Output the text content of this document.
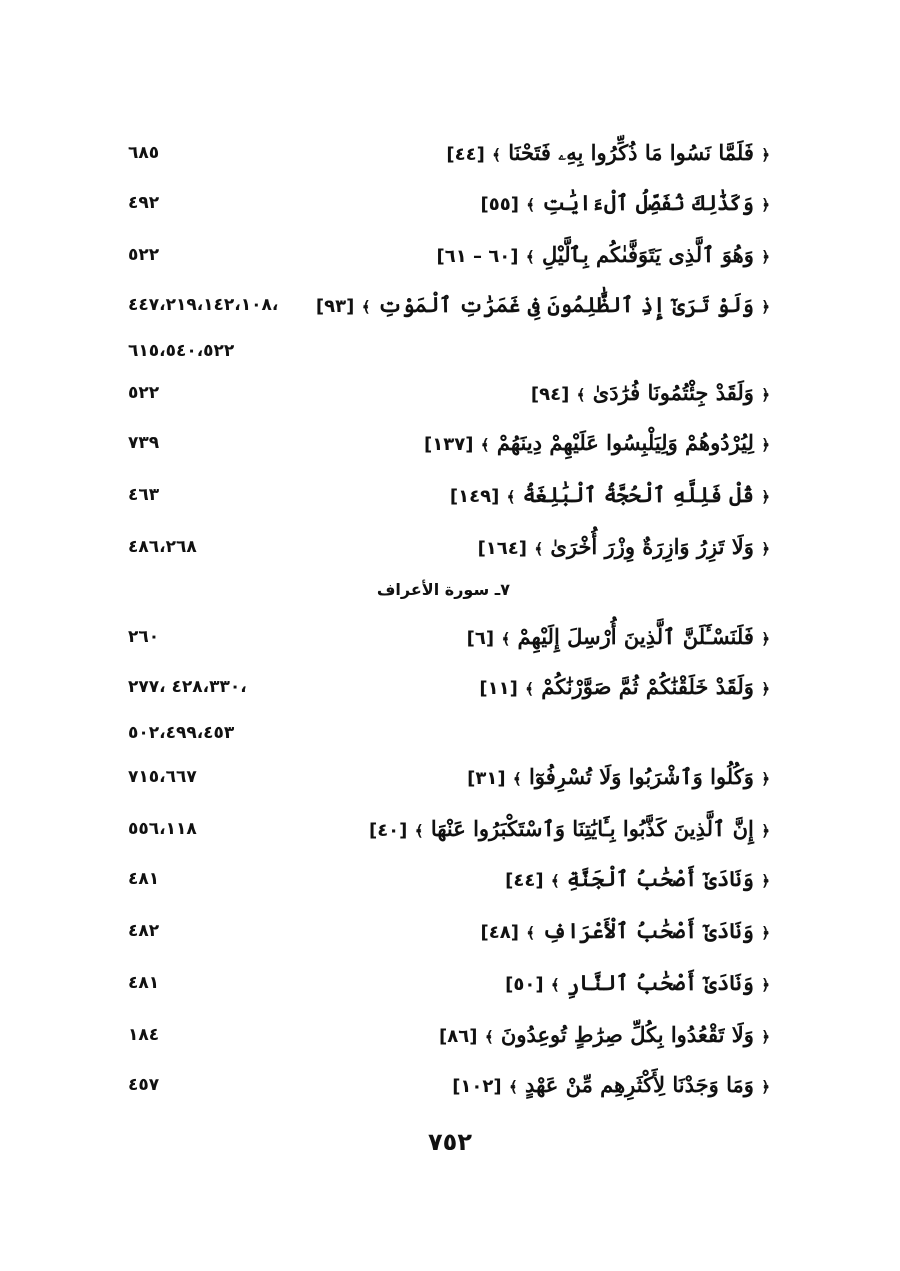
﴿ فَلَمَّا نَسُوا مَا ذُكِّرُوا بِهِۦ فَتَحْنَا ﴾ [٤٤]
٦٨٥
﴿ وَكَذَٰلِكَ نُفَصِّلُ ٱلْءَايَٰتِ ﴾ [٥٥]
٤٩٢
﴿ وَهُوَ ٱلَّذِى يَتَوَفَّىٰكُم بِٱلَّيْلِ ﴾ [٦٠ – ٦١]
٥٢٢
﴿ وَلَوْ تَرَىٰٓ إِذِ ٱلظَّٰلِمُونَ فِى غَمَرَٰتِ ٱلْمَوْتِ ﴾ [٩٣]
،٤٤٧،٢١٩،١٤٢،١٠٨
٦١٥،٥٤٠،٥٢٢
﴿ وَلَقَدْ جِئْتُمُونَا فُرَٰدَىٰ ﴾ [٩٤]
٥٢٢
﴿ لِيُرْدُوهُمْ وَلِيَلْبِسُوا عَلَيْهِمْ دِينَهُمْ ﴾ [١٣٧]
٧٣٩
﴿ قُلْ فَلِلَّهِ ٱلْحُجَّةُ ٱلْبَٰلِغَةُ ﴾ [١٤٩]
٤٦٣
﴿ وَلَا تَزِرُ وَازِرَةٌ وِزْرَ أُخْرَىٰ ﴾ [١٦٤]
٤٨٦،٢٦٨
٧ـ سورة الأعراف
﴿ فَلَنَسْـَٔلَنَّ ٱلَّذِينَ أُرْسِلَ إِلَيْهِمْ ﴾ [٦]
٢٦٠
﴿ وَلَقَدْ خَلَقْنَٰكُمْ ثُمَّ صَوَّرْنَٰكُمْ ﴾ [١١]
،٤٢٨،٣٣٠ ،٢٧٧
٥٠٢،٤٩٩،٤٥٣
﴿ وَكُلُوا وَٱشْرَبُوا وَلَا تُسْرِفُوٓا ﴾ [٣١]
٧١٥،٦٦٧
﴿ إِنَّ ٱلَّذِينَ كَذَّبُوا بِـَٔايَٰتِنَا وَٱسْتَكْبَرُوا عَنْهَا ﴾ [٤٠]
٥٥٦،١١٨
﴿ وَنَادَىٰٓ أَصْحَٰبُ ٱلْجَنَّةِ ﴾ [٤٤]
٤٨١
﴿ وَنَادَىٰٓ أَصْحَٰبُ ٱلْأَعْرَافِ ﴾ [٤٨]
٤٨٢
﴿ وَنَادَىٰٓ أَصْحَٰبُ ٱلنَّارِ ﴾ [٥٠]
٤٨١
﴿ وَلَا تَقْعُدُوا بِكُلِّ صِرَٰطٍ تُوعِدُونَ ﴾ [٨٦]
١٨٤
﴿ وَمَا وَجَدْنَا لِأَكْثَرِهِم مِّنْ عَهْدٍ ﴾ [١٠٢]
٤٥٧
٧٥٢
